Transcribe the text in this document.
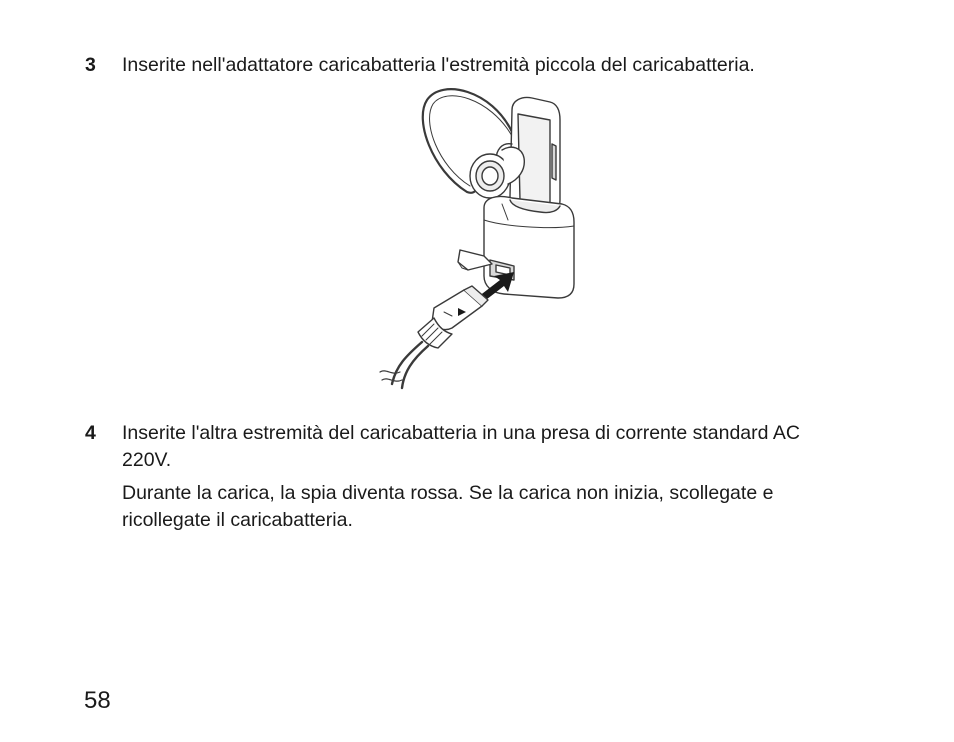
3 Inserite nell'adattatore caricabatteria l'estremità piccola del caricabatteria.

4 Inserite l'altra estremità del caricabatteria in una presa di corrente standard AC 220V.

Durante la carica, la spia diventa rossa. Se la carica non inizia, scollegate e ricollegate il caricabatteria.

58
